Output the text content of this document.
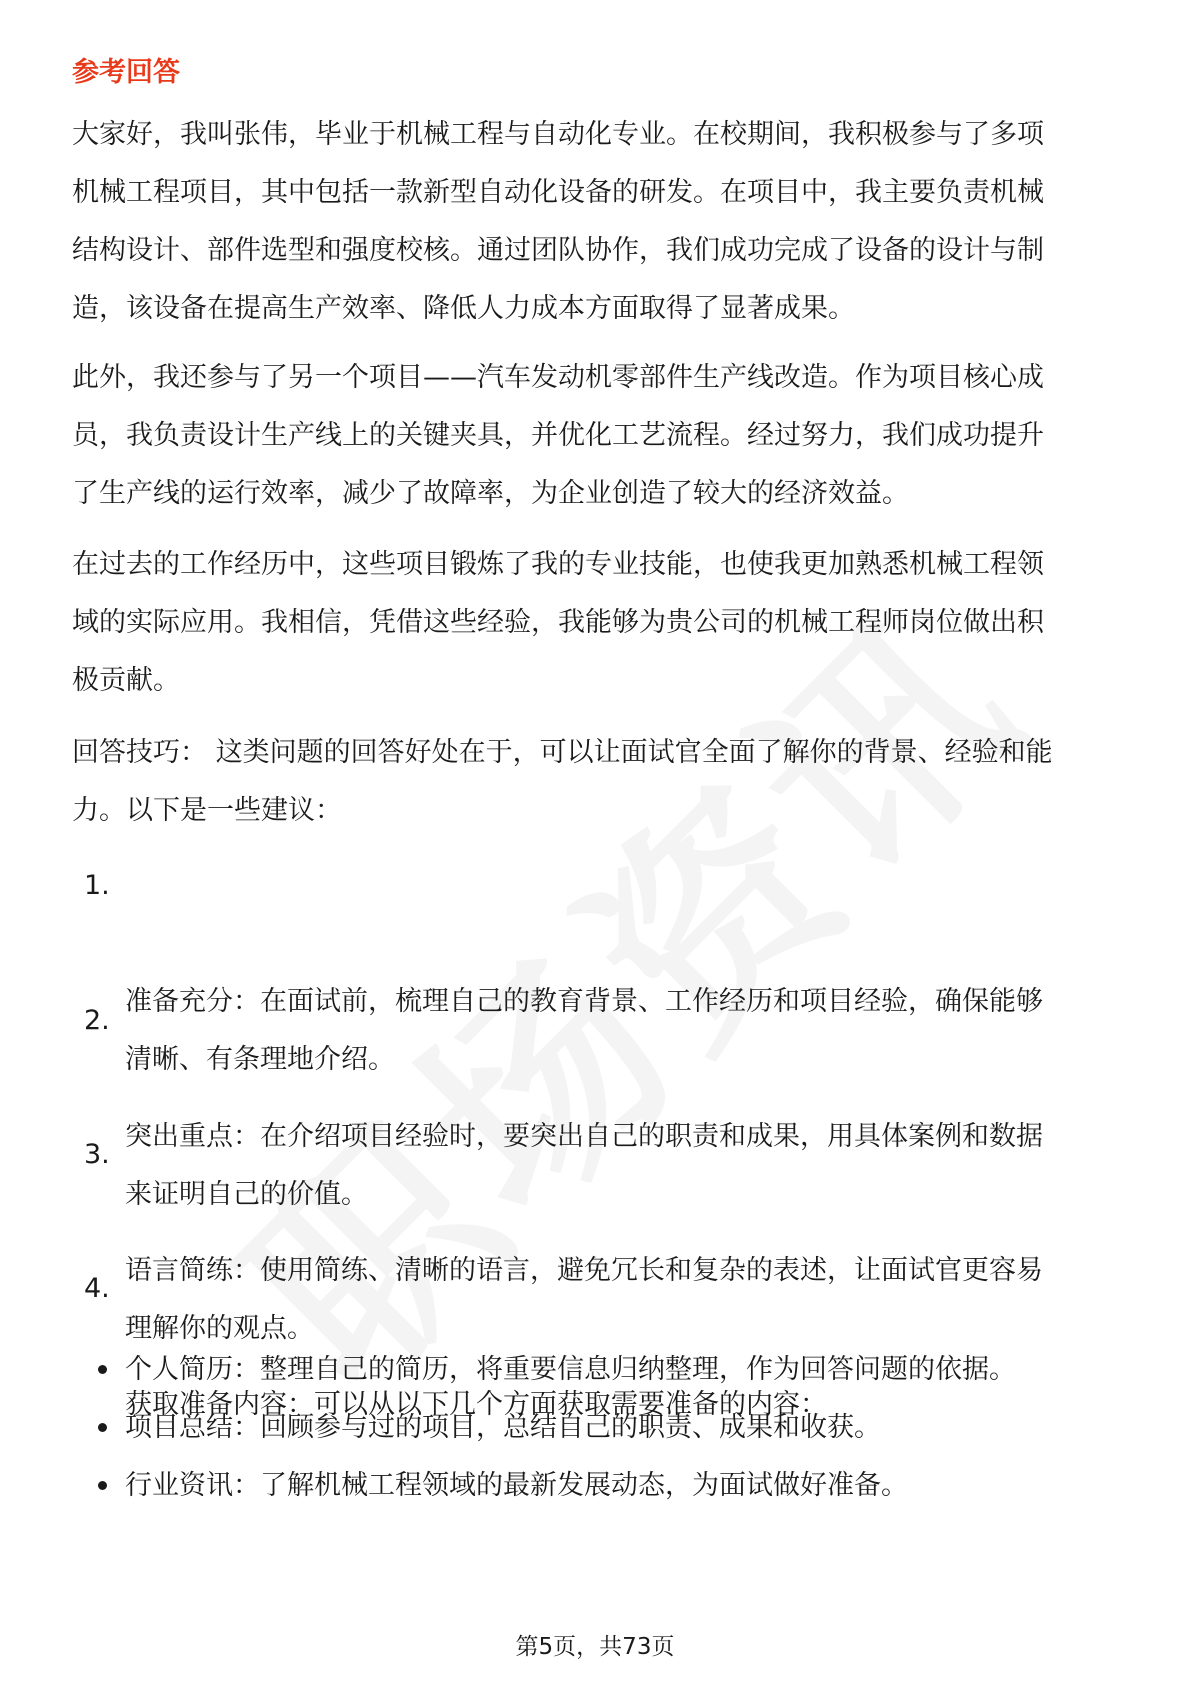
参考回答

大家好，我叫张伟，毕业于机械工程与自动化专业。在校期间，我积极参与了多项
机械工程项目，其中包括一款新型自动化设备的研发。在项目中，我主要负责机械
结构设计、部件选型和强度校核。通过团队协作，我们成功完成了设备的设计与制
造，该设备在提高生产效率、降低人力成本方面取得了显著成果。

此外，我还参与了另一个项目——汽车发动机零部件生产线改造。作为项目核心成
员，我负责设计生产线上的关键夹具，并优化工艺流程。经过努力，我们成功提升
了生产线的运行效率，减少了故障率，为企业创造了较大的经济效益。

在过去的工作经历中，这些项目锻炼了我的专业技能，也使我更加熟悉机械工程领
域的实际应用。我相信，凭借这些经验，我能够为贵公司的机械工程师岗位做出积
极贡献。

回答技巧： 这类问题的回答好处在于，可以让面试官全面了解你的背景、经验和能
力。以下是一些建议：

1.

准备充分：在面试前，梳理自己的教育背景、工作经历和项目经验，确保能够
清晰、有条理地介绍。

2.

突出重点：在介绍项目经验时，要突出自己的职责和成果，用具体案例和数据
来证明自己的价值。

3.

语言简练：使用简练、清晰的语言，避免冗长和复杂的表述，让面试官更容易
理解你的观点。

4.

获取准备内容：可以从以下几个方面获取需要准备的内容：

个人简历：整理自己的简历，将重要信息归纳整理，作为回答问题的依据。
项目总结：回顾参与过的项目，总结自己的职责、成果和收获。
行业资讯：了解机械工程领域的最新发展动态，为面试做好准备。
第5页，共73页
